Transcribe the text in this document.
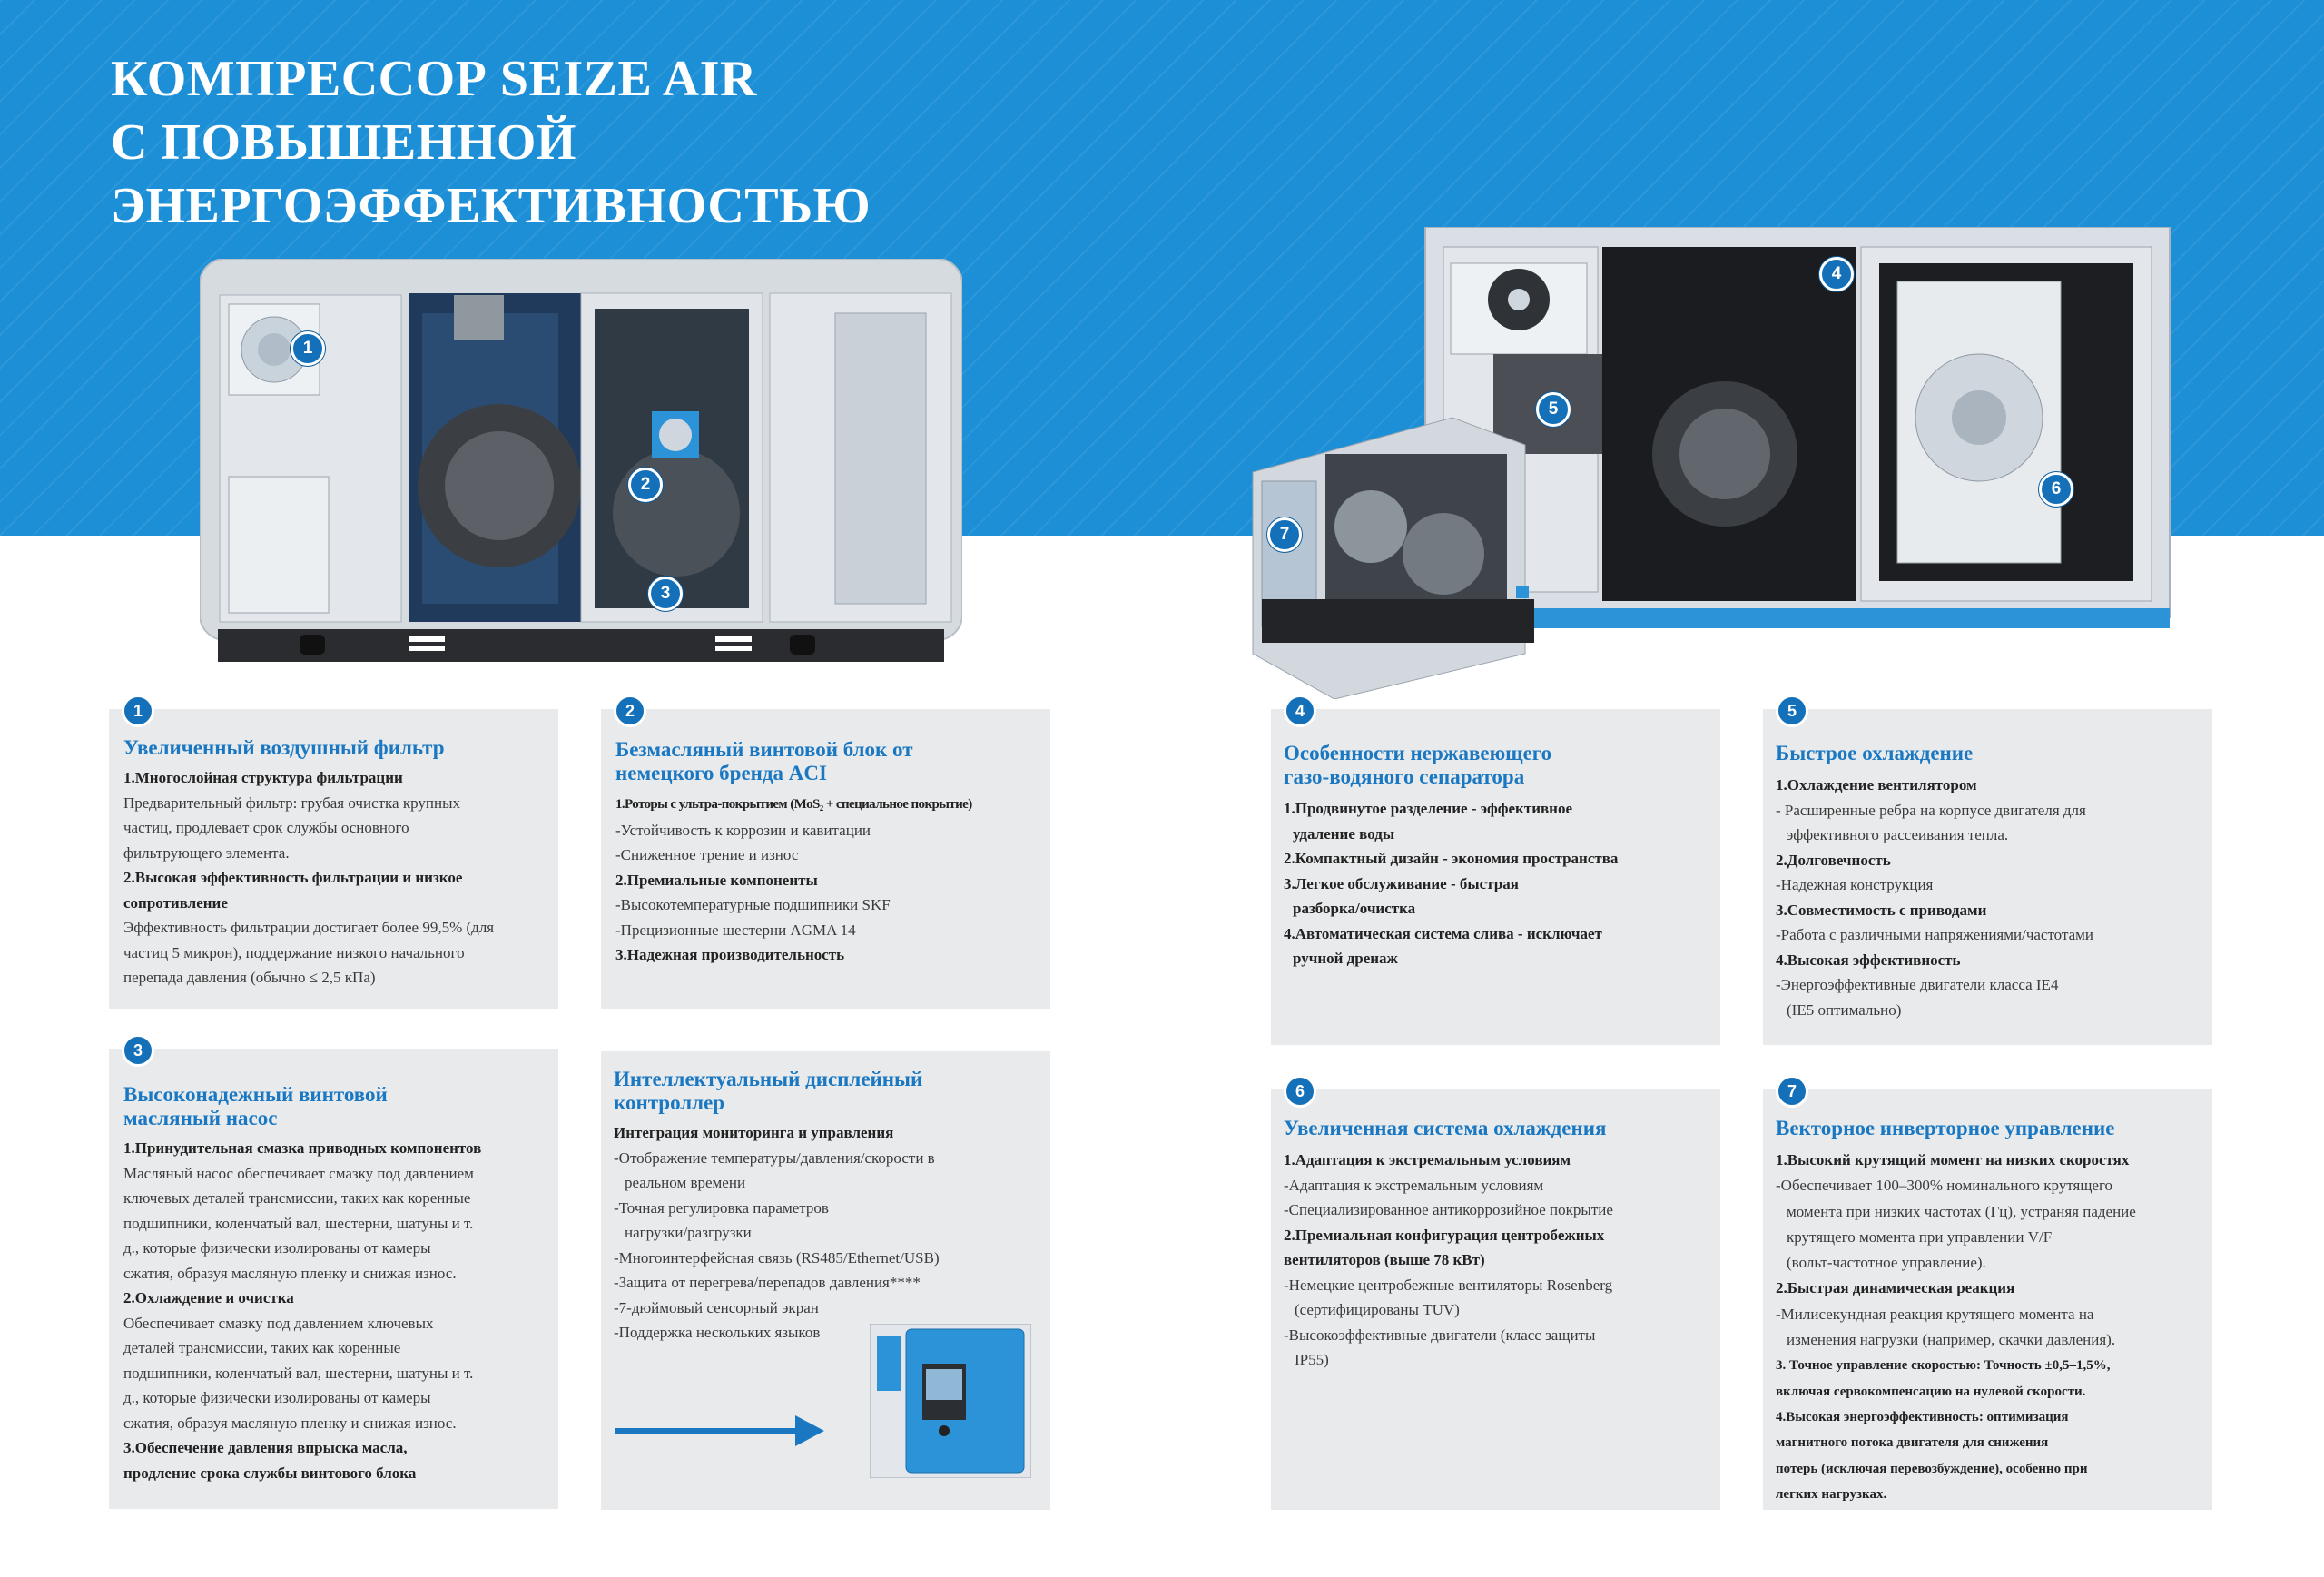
КОМПРЕССОР SEIZE AIR
С ПОВЫШЕННОЙ
ЭНЕРГОЭФФЕКТИВНОСТЬЮ
1
2
3
4
5
6
7
1
Увеличенный воздушный фильтр
1.Многослойная структура фильтрации
Предварительный фильтр: грубая очистка крупных
частиц, продлевает срок службы основного
фильтрующего элемента.
2.Высокая эффективность фильтрации и низкое
сопротивление
Эффективность фильтрации достигает более 99,5% (для
частиц 5 микрон), поддержание низкого начального
перепада давления (обычно ≤ 2,5 кПа)
2
Безмасляный винтовой блок от
немецкого бренда ACI
1.Роторы с ультра-покрытием (MoS₂ + специальное покрытие)
-Устойчивость к коррозии и кавитации
-Сниженное трение и износ
2.Премиальные компоненты
-Высокотемпературные подшипники SKF
-Прецизионные шестерни AGMA 14
3.Надежная производительность
3
Высоконадежный винтовой
масляный насос
1.Принудительная смазка приводных компонентов
Масляный насос обеспечивает смазку под давлением
ключевых деталей трансмиссии, таких как коренные
подшипники, коленчатый вал, шестерни, шатуны и т.
д., которые физически изолированы от камеры
сжатия, образуя масляную пленку и снижая износ.
2.Охлаждение и очистка
Обеспечивает смазку под давлением ключевых
деталей трансмиссии, таких как коренные
подшипники, коленчатый вал, шестерни, шатуны и т.
д., которые физически изолированы от камеры
сжатия, образуя масляную пленку и снижая износ.
3.Обеспечение давления впрыска масла,
продление срока службы винтового блока
Интеллектуальный дисплейный
контроллер
Интеграция мониторинга и управления
-Отображение температуры/давления/скорости в
реальном времени
-Точная регулировка параметров
нагрузки/разгрузки
-Многоинтерфейсная связь (RS485/Ethernet/USB)
-Защита от перегрева/перепадов давления****
-7-дюймовый сенсорный экран
-Поддержка нескольких языков
4
Особенности нержавеющего
газо-водяного сепаратора
1.Продвинутое разделение - эффективное
удаление воды
2.Компактный дизайн - экономия пространства
3.Легкое обслуживание - быстрая
разборка/очистка
4.Автоматическая система слива - исключает
ручной дренаж
5
Быстрое охлаждение
1.Охлаждение вентилятором
- Расширенные ребра на корпусе двигателя для
эффективного рассеивания тепла.
2.Долговечность
-Надежная конструкция
3.Совместимость с приводами
-Работа с различными напряжениями/частотами
4.Высокая эффективность
-Энергоэффективные двигатели класса IE4
(IE5 оптимально)
6
Увеличенная система охлаждения
1.Адаптация к экстремальным условиям
-Адаптация к экстремальным условиям
-Специализированное антикоррозийное покрытие
2.Премиальная конфигурация центробежных
вентиляторов (выше 78 кВт)
-Немецкие центробежные вентиляторы Rosenberg
(сертифицированы TUV)
-Высокоэффективные двигатели (класс защиты
IP55)
7
Векторное инверторное управление
1.Высокий крутящий момент на низких скоростях
-Обеспечивает 100–300% номинального крутящего
момента при низких частотах (Гц), устраняя падение
крутящего момента при управлении V/F
(вольт-частотное управление).
2.Быстрая динамическая реакция
-Милисекундная реакция крутящего момента на
изменения нагрузки (например, скачки давления).
3. Точное управление скоростью: Точность ±0,5–1,5%,
включая сервокомпенсацию на нулевой скорости.
4.Высокая энергоэффективность: оптимизация
магнитного потока двигателя для снижения
потерь (исключая перевозбуждение), особенно при
легких нагрузках.
